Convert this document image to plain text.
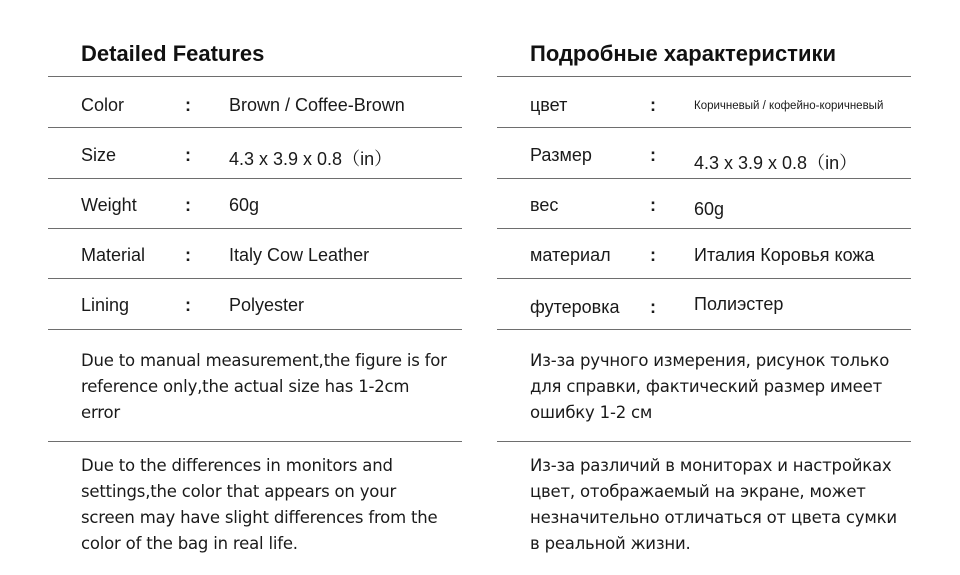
Detailed Features
Color	: Brown / Coffee-Brown
Size	: 4.3 x 3.9 x 0.8（in）
Weight	: 60g
Material : Italy Cow Leather
Lining	: Polyester
Due to manual measurement,the figure is for reference only,the actual size has 1-2cm error
Due to the differences in monitors and settings,the color that appears on your screen may have slight differences from the color of the bag in real life.
Подробные характеристики
цвет	:	Коричневый / кофейно-коричневый
Размер	: 4.3 x 3.9 x 0.8（in）
вес	: 60g
материал : Италия Коровья кожа
футеровка : Полиэстер
Из-за ручного измерения, рисунок только для справки, фактический размер имеет ошибку 1-2 см
Из-за различий в мониторах и настройках цвет, отображаемый на экране, может незначительно отличаться от цвета сумки в реальной жизни.
